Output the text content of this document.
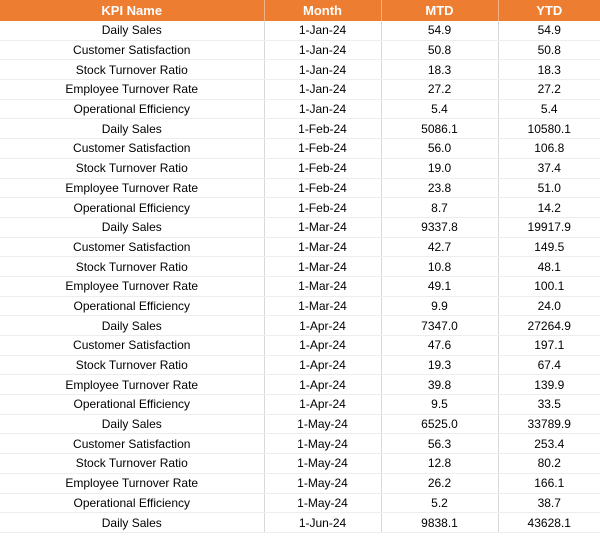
KPI Name	Month	MTD	YTD
Daily Sales	1-Jan-24	54.9	54.9
Customer Satisfaction	1-Jan-24	50.8	50.8
Stock Turnover Ratio	1-Jan-24	18.3	18.3
Employee Turnover Rate	1-Jan-24	27.2	27.2
Operational Efficiency	1-Jan-24	5.4	5.4
Daily Sales	1-Feb-24	5086.1	10580.1
Customer Satisfaction	1-Feb-24	56.0	106.8
Stock Turnover Ratio	1-Feb-24	19.0	37.4
Employee Turnover Rate	1-Feb-24	23.8	51.0
Operational Efficiency	1-Feb-24	8.7	14.2
Daily Sales	1-Mar-24	9337.8	19917.9
Customer Satisfaction	1-Mar-24	42.7	149.5
Stock Turnover Ratio	1-Mar-24	10.8	48.1
Employee Turnover Rate	1-Mar-24	49.1	100.1
Operational Efficiency	1-Mar-24	9.9	24.0
Daily Sales	1-Apr-24	7347.0	27264.9
Customer Satisfaction	1-Apr-24	47.6	197.1
Stock Turnover Ratio	1-Apr-24	19.3	67.4
Employee Turnover Rate	1-Apr-24	39.8	139.9
Operational Efficiency	1-Apr-24	9.5	33.5
Daily Sales	1-May-24	6525.0	33789.9
Customer Satisfaction	1-May-24	56.3	253.4
Stock Turnover Ratio	1-May-24	12.8	80.2
Employee Turnover Rate	1-May-24	26.2	166.1
Operational Efficiency	1-May-24	5.2	38.7
Daily Sales	1-Jun-24	9838.1	43628.1
